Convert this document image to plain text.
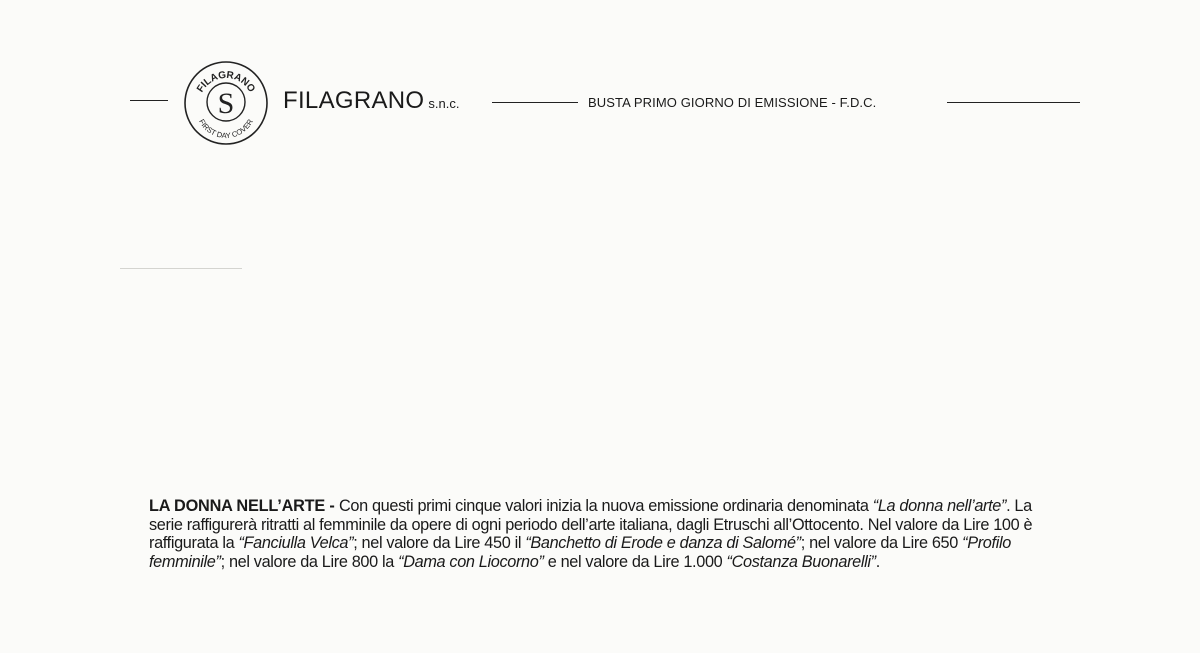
FILAGRANO
FIRST DAY COVER
S FILAGRANO s.n.c.	BUSTA PRIMO GIORNO DI EMISSIONE - F.D.C.
LA DONNA NELL’ARTE - Con questi primi cinque valori inizia la nuova emissione ordinaria denominata “La donna nell’arte”. La serie raffigurerà ritratti al femminile da opere di ogni periodo dell’arte italiana, dagli Etruschi all’Ottocento. Nel valore da Lire 100 è raffigurata la “Fanciulla Velca”; nel valore da Lire 450 il “Banchetto di Erode e danza di Salomé”; nel valore da Lire 650 “Profilo femminile”; nel valore da Lire 800 la “Dama con Liocorno” e nel valore da Lire 1.000 “Costanza Buonarelli”.
